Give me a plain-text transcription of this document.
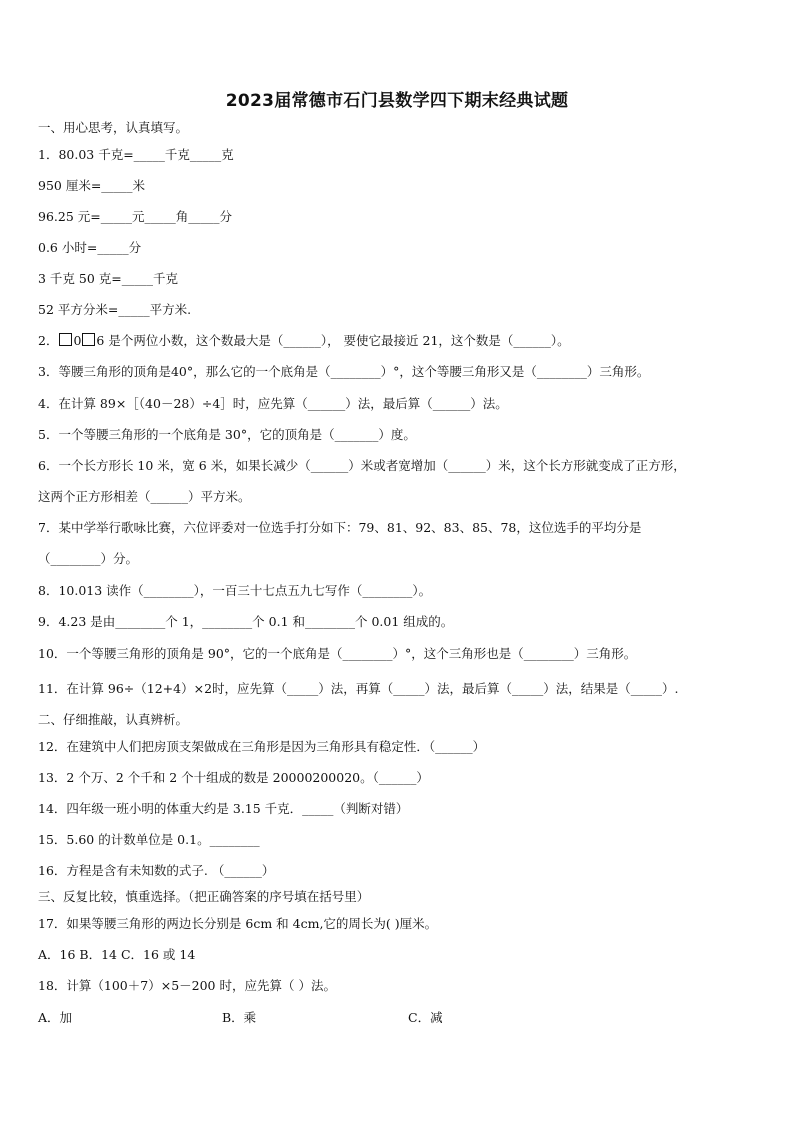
2023届常德市石门县数学四下期末经典试题
一、用心思考，认真填写。
1．80.03 千克=_____千克_____克
950 厘米=_____米
96.25 元=_____元_____角_____分
0.6 小时=_____分
3 千克 50 克=_____千克
52 平方分米=_____平方米.
2． 0 6 是个两位小数，这个数最大是（______）， 要使它最接近 21，这个数是（______）。
3．等腰三角形的顶角是40°，那么它的一个底角是（________）°，这个等腰三角形又是（________）三角形。
4．在计算 89×［（40－28）÷4］时，应先算（______）法，最后算（______）法。
5．一个等腰三角形的一个底角是 30°，它的顶角是（_______）度。
6．一个长方形长 10 米，宽 6 米，如果长减少（______）米或者宽增加（______）米，这个长方形就变成了正方形，
这两个正方形相差（______）平方米。
7．某中学举行歌咏比赛，六位评委对一位选手打分如下：79、81、92、83、85、78，这位选手的平均分是
（________）分。
8．10.013 读作（________），一百三十七点五九七写作（________）。
9．4.23 是由________个 1，________个 0.1 和________个 0.01 组成的。
10．一个等腰三角形的顶角是 90°，它的一个底角是（________）°，这个三角形也是（________）三角形。
11．在计算 96÷（12+4）×2时，应先算（_____）法，再算（_____）法，最后算（_____）法，结果是（_____）.
二、仔细推敲，认真辨析。
12．在建筑中人们把房顶支架做成在三角形是因为三角形具有稳定性．（______）
13．2 个万、2 个千和 2 个十组成的数是 20000200020。（______）
14．四年级一班小明的体重大约是 3.15 千克．_____（判断对错）
15．5.60 的计数单位是 0.1。________
16．方程是含有未知数的式子. （______）
三、反复比较，慎重选择。（把正确答案的序号填在括号里）
17．如果等腰三角形的两边长分别是 6cm 和 4cm,它的周长为( )厘米。
A．16 B．14 C．16 或 14
18．计算（100＋7）×5－200 时，应先算（ ）法。
A．加	B．乘	C．减
